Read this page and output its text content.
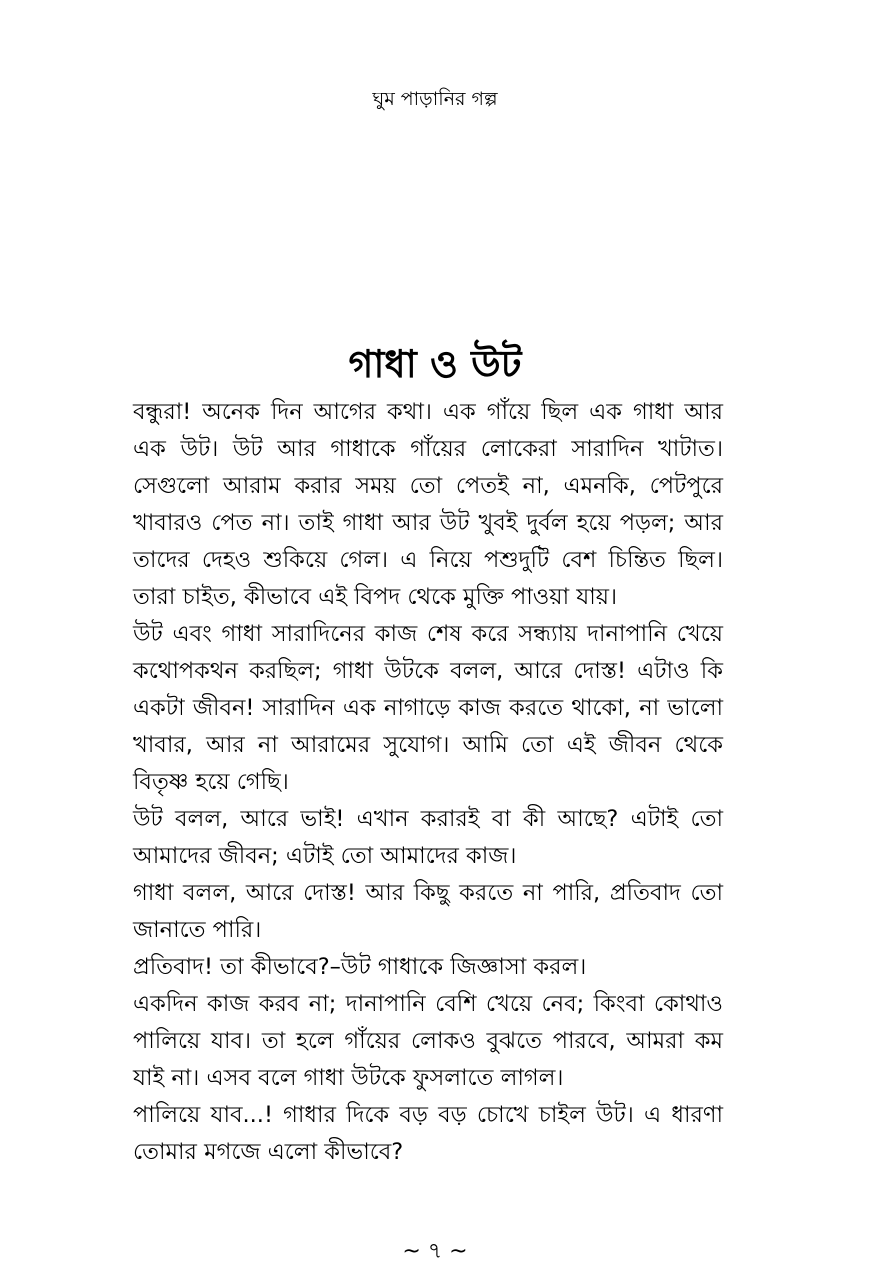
ঘুম পাড়ানির গল্প
গাধা ও উট

বন্ধুরা! অনেক দিন আগের কথা। এক গাঁয়ে ছিল এক গাধা আর এক উট। উট আর গাধাকে গাঁয়ের লোকেরা সারাদিন খাটাত। সেগুলো আরাম করার সময় তো পেতই না, এমনকি, পেটপুরে খাবারও পেত না। তাই গাধা আর উট খুবই দুর্বল হয়ে পড়ল; আর তাদের দেহও শুকিয়ে গেল। এ নিয়ে পশুদুটি বেশ চিন্তিত ছিল। তারা চাইত, কীভাবে এই বিপদ থেকে মুক্তি পাওয়া যায়।

উট এবং গাধা সারাদিনের কাজ শেষ করে সন্ধ্যায় দানাপানি খেয়ে কথোপকথন করছিল; গাধা উটকে বলল, আরে দোস্ত! এটাও কি একটা জীবন! সারাদিন এক নাগাড়ে কাজ করতে থাকো, না ভালো খাবার, আর না আরামের সুযোগ। আমি তো এই জীবন থেকে বিতৃষ্ণ হয়ে গেছি।

উট বলল, আরে ভাই! এখান করারই বা কী আছে? এটাই তো আমাদের জীবন; এটাই তো আমাদের কাজ।

গাধা বলল, আরে দোস্ত! আর কিছু করতে না পারি, প্রতিবাদ তো জানাতে পারি।

প্রতিবাদ! তা কীভাবে?–উট গাধাকে জিজ্ঞাসা করল।

একদিন কাজ করব না; দানাপানি বেশি খেয়ে নেব; কিংবা কোথাও পালিয়ে যাব। তা হলে গাঁয়ের লোকও বুঝতে পারবে, আমরা কম যাই না। এসব বলে গাধা উটকে ফুসলাতে লাগল।

পালিয়ে যাব...! গাধার দিকে বড় বড় চোখে চাইল উট। এ ধারণা তোমার মগজে এলো কীভাবে?

~ ৭ ~
